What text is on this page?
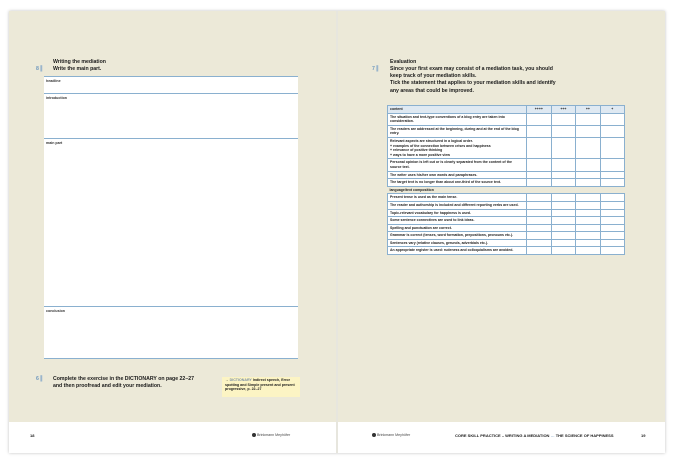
Writing the mediation
8 ▌ Write the main part.
headline
introduction
main part
conclusion
6 ▌ Complete the exercise in the DICTIONARY on page 22–27
and then proofread and edit your mediation.
→ DICTIONARY Indirect speech, Error spotting and Simple present and present progressive, p. 22–27
18	Brinkmann Meyhöfer
Evaluation
7 ▌ Since your first exam may consist of a mediation task, you should
keep track of your mediation skills.
Tick the statement that applies to your mediation skills and identify
any areas that could be improved.
content	++++	+++	++	+
The situation and text-type conventions of a blog entry are taken into consideration.				
The readers are addressed at the beginning, during and at the end of the blog entry.				

Relevant aspects are structured in a logical order.
+ examples of the connection between crises and happiness
+ relevance of positive thinking
+ ways to have a more positive view				

Personal opinion is left out or is clearly separated from the content of the source text.				
The writer uses his/her own words and paraphrases.				
The target text is no longer than about one-third of the source text.				
language/text composition				
Present tense is used as the main tense.				
The reader and authorship is included and different reporting verbs are used.				
Topic-relevant vocabulary for happiness is used.				
Some sentence connectives are used to link ideas.				
Spelling and punctuation are correct.				
Grammar is correct (tenses, word formation, prepositions, pronouns etc.).				
Sentences vary (relative clauses, gerunds, adverbials etc.).				
An appropriate register is used: rudeness and colloquialisms are avoided.				
Brinkmann Meyhöfer	CORE SKILL PRACTICE – WRITING A MEDIATION … THE SCIENCE OF HAPPINESS	19
